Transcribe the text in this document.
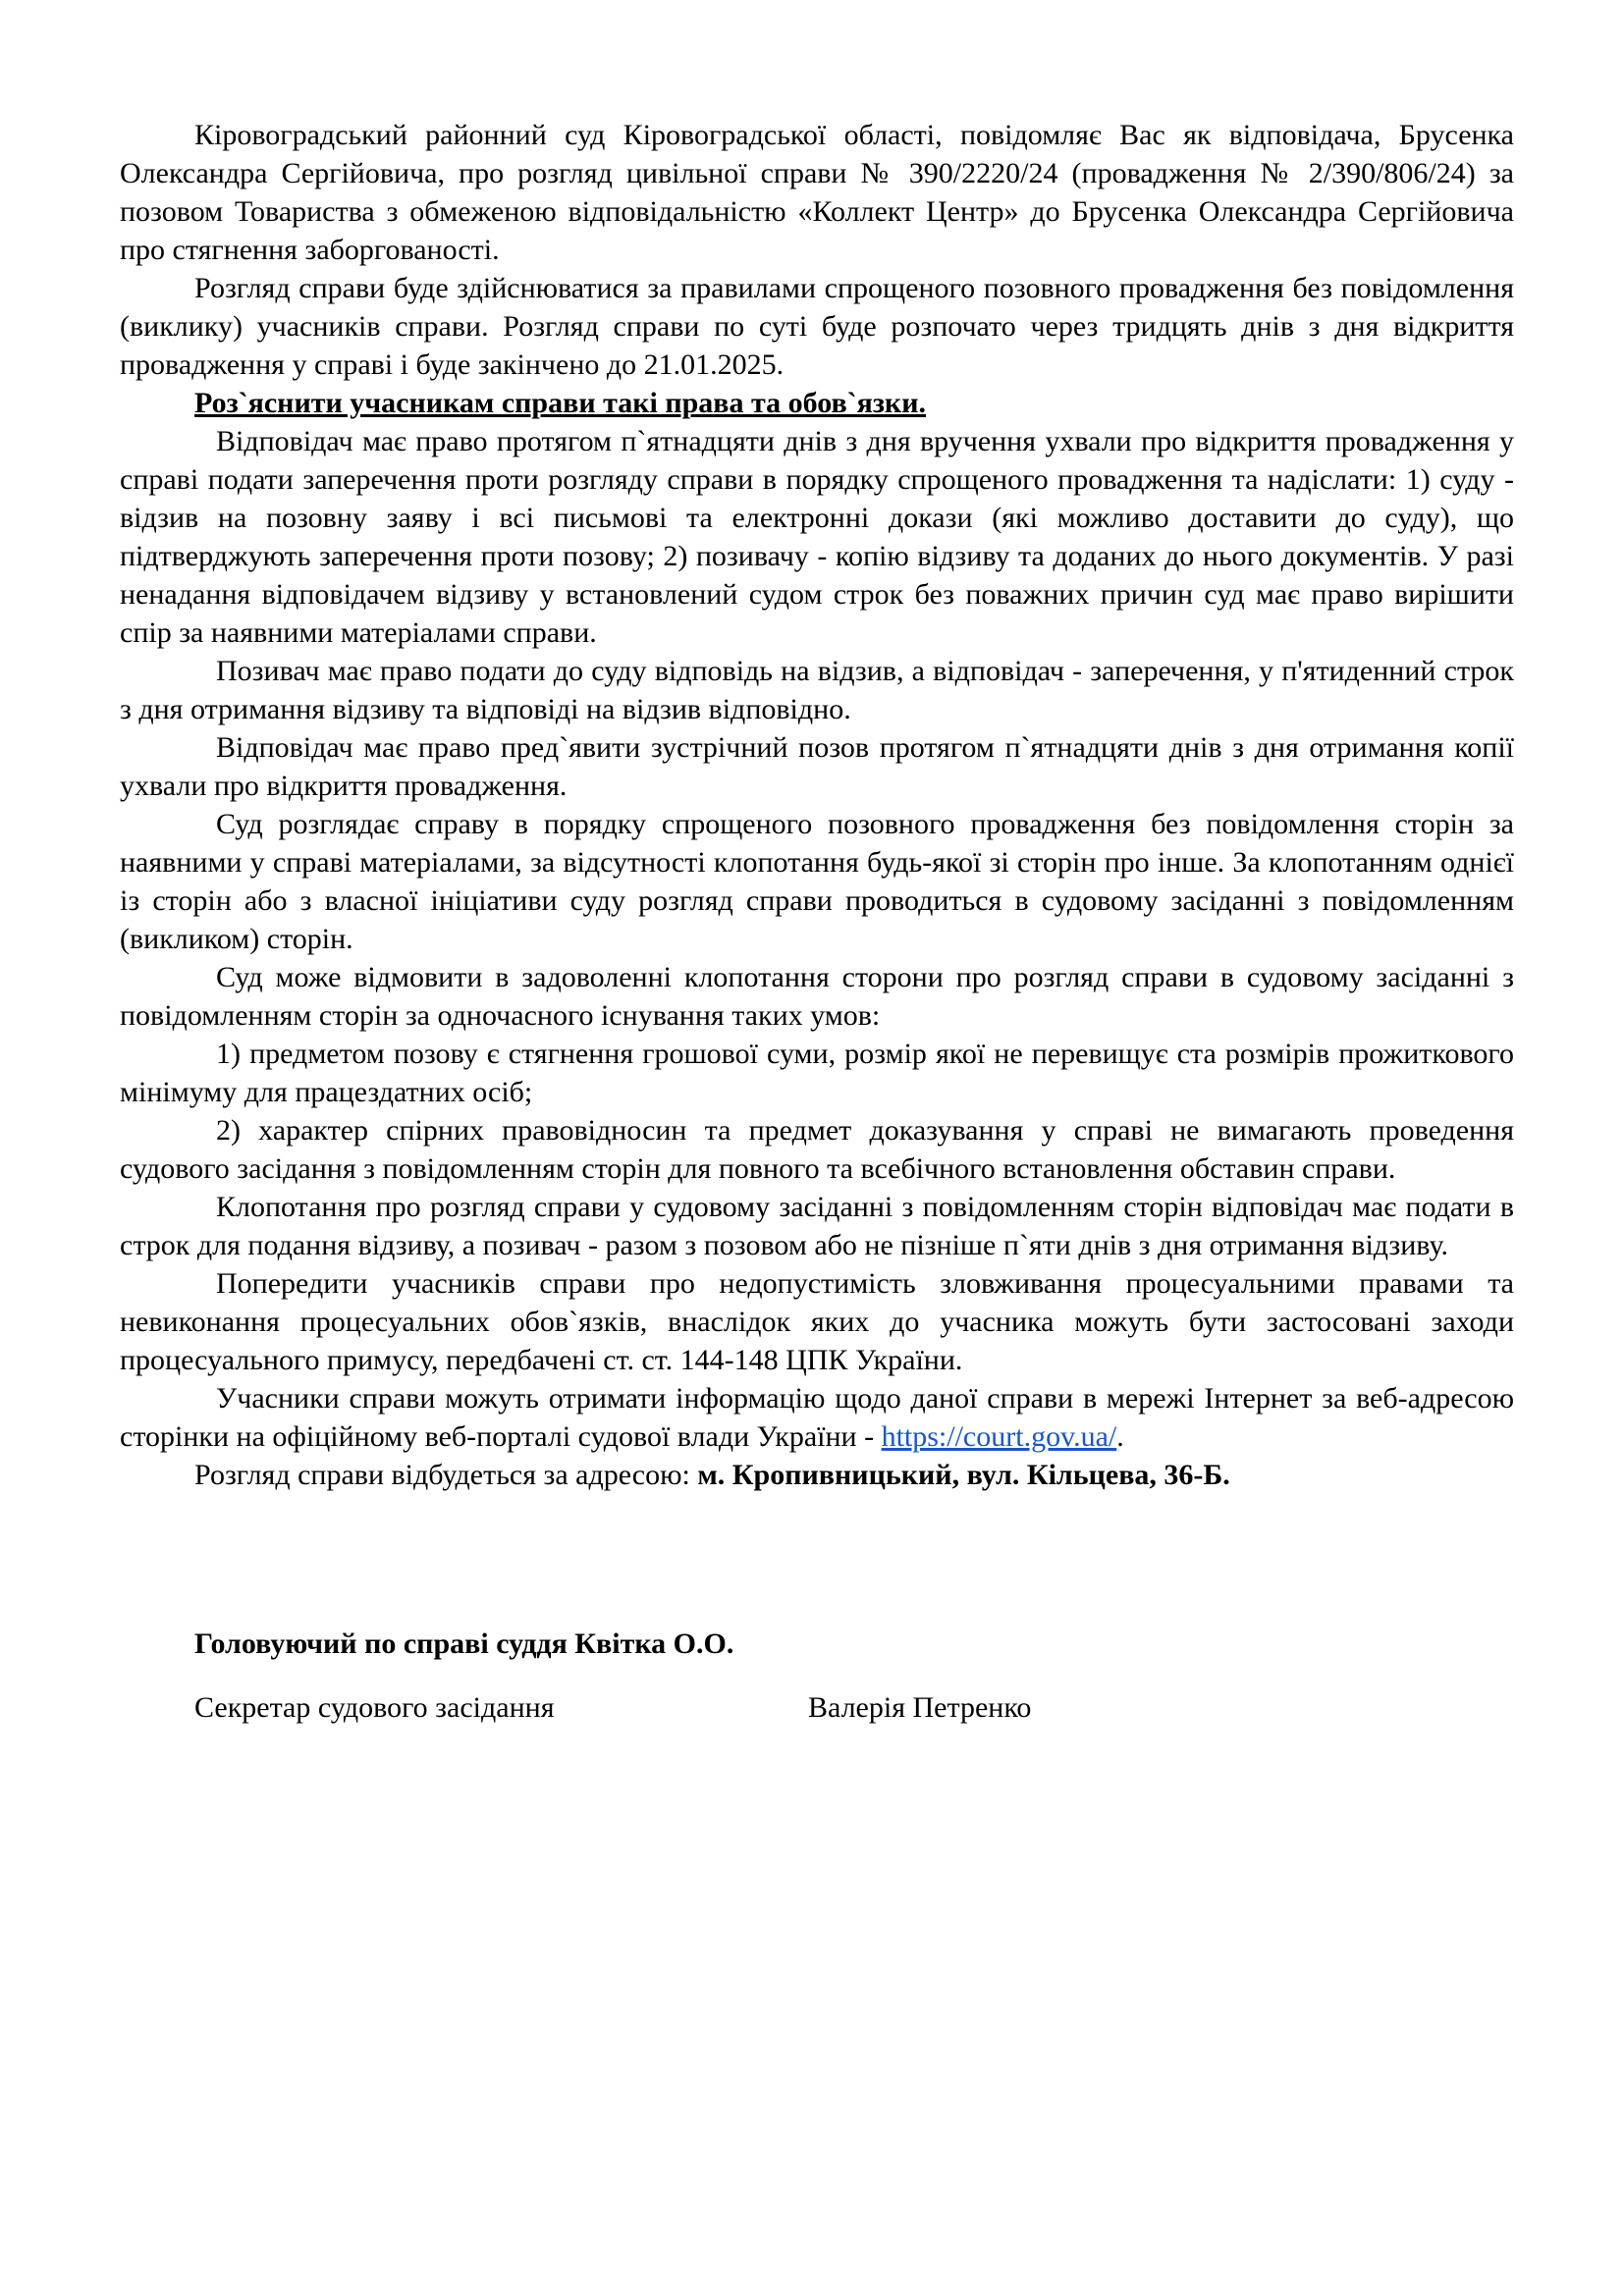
Кіровоградський районний суд Кіровоградської області, повідомляє Вас як відповідача, Брусенка Олександра Сергійовича, про розгляд цивільної справи № 390/2220/24 (провадження № 2/390/806/24) за позовом Товариства з обмеженою відповідальністю «Коллект Центр» до Брусенка Олександра Сергійовича про стягнення заборгованості.

Розгляд справи буде здійснюватися за правилами спрощеного позовного провадження без повідомлення (виклику) учасників справи. Розгляд справи по суті буде розпочато через тридцять днів з дня відкриття провадження у справі і буде закінчено до 21.01.2025.

Роз`яснити учасникам справи такі права та обов`язки.

Відповідач має право протягом п`ятнадцяти днів з дня вручення ухвали про відкриття провадження у справі подати заперечення проти розгляду справи в порядку спрощеного провадження та надіслати: 1) суду - відзив на позовну заяву і всі письмові та електронні докази (які можливо доставити до суду), що підтверджують заперечення проти позову; 2) позивачу - копію відзиву та доданих до нього документів. У разі ненадання відповідачем відзиву у встановлений судом строк без поважних причин суд має право вирішити спір за наявними матеріалами справи.

Позивач має право подати до суду відповідь на відзив, а відповідач - заперечення, у п'ятиденний строк з дня отримання відзиву та відповіді на відзив відповідно.

Відповідач має право пред`явити зустрічний позов протягом п`ятнадцяти днів з дня отримання копії ухвали про відкриття провадження.

Суд розглядає справу в порядку спрощеного позовного провадження без повідомлення сторін за наявними у справі матеріалами, за відсутності клопотання будь-якої зі сторін про інше. За клопотанням однієї із сторін або з власної ініціативи суду розгляд справи проводиться в судовому засіданні з повідомленням (викликом) сторін.

Суд може відмовити в задоволенні клопотання сторони про розгляд справи в судовому засіданні з повідомленням сторін за одночасного існування таких умов:

1) предметом позову є стягнення грошової суми, розмір якої не перевищує ста розмірів прожиткового мінімуму для працездатних осіб;

2) характер спірних правовідносин та предмет доказування у справі не вимагають проведення судового засідання з повідомленням сторін для повного та всебічного встановлення обставин справи.

Клопотання про розгляд справи у судовому засіданні з повідомленням сторін відповідач має подати в строк для подання відзиву, а позивач - разом з позовом або не пізніше п`яти днів з дня отримання відзиву.

Попередити учасників справи про недопустимість зловживання процесуальними правами та невиконання процесуальних обов`язків, внаслідок яких до учасника можуть бути застосовані заходи процесуального примусу, передбачені ст. ст. 144-148 ЦПК України.

Учасники справи можуть отримати інформацію щодо даної справи в мережі Інтернет за веб-адресою сторінки на офіційному веб-порталі судової влади України - https://court.gov.ua/.

Розгляд справи відбудеться за адресою: м. Кропивницький, вул. Кільцева, 36-Б.

Головуючий по справі суддя Квітка О.О.
Секретар судового засідання	Валерія Петренко
